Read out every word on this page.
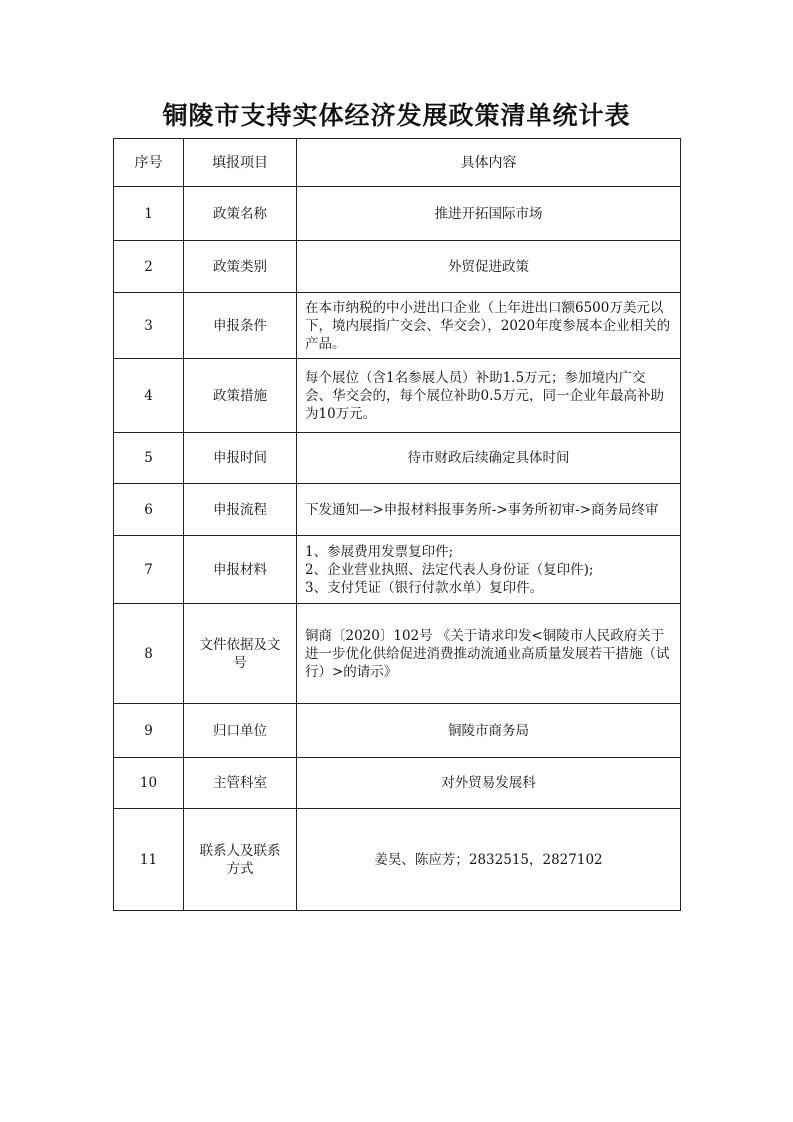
铜陵市支持实体经济发展政策清单统计表
序号	填报项目	具体内容
1	政策名称	推进开拓国际市场
2	政策类别	外贸促进政策
3	申报条件	在本市纳税的中小进出口企业（上年进出口额6500万美元以下，境内展指广交会、华交会），2020年度参展本企业相关的产品。
4	政策措施	每个展位（含1名参展人员）补助1.5万元；参加境内广交会、华交会的，每个展位补助0.5万元，同一企业年最高补助为10万元。
5	申报时间	待市财政后续确定具体时间
6	申报流程	下发通知—>申报材料报事务所->事务所初审->商务局终审
7	申报材料	1、参展费用发票复印件;
2、企业营业执照、法定代表人身份证（复印件);
3、支付凭证（银行付款水单）复印件。
8	文件依据及文号	铜商〔2020〕102号 《关于请求印发<铜陵市人民政府关于进一步优化供给促进消费推动流通业高质量发展若干措施（试行）>的请示》
9	归口单位	铜陵市商务局
10	主管科室	对外贸易发展科
11	联系人及联系方式	姜昊、陈应芳；2832515，2827102
